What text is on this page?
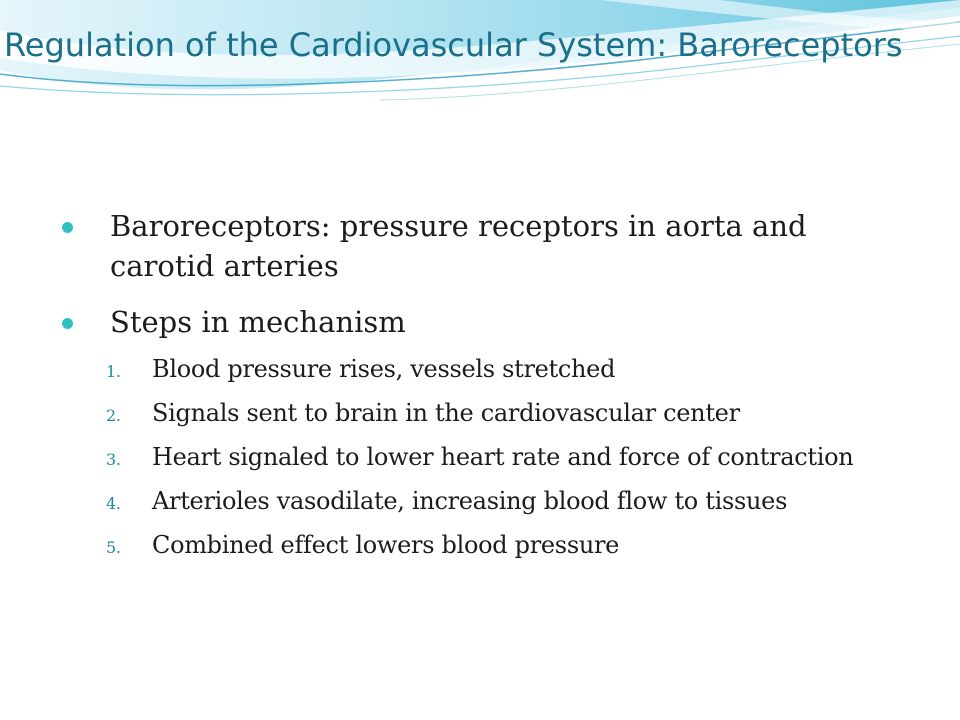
Regulation of the Cardiovascular System: Baroreceptors
Baroreceptors: pressure receptors in aorta and carotid arteries
Steps in mechanism
1. Blood pressure rises, vessels stretched
2. Signals sent to brain in the cardiovascular center
3. Heart signaled to lower heart rate and force of contraction
4. Arterioles vasodilate, increasing blood flow to tissues
5. Combined effect lowers blood pressure
